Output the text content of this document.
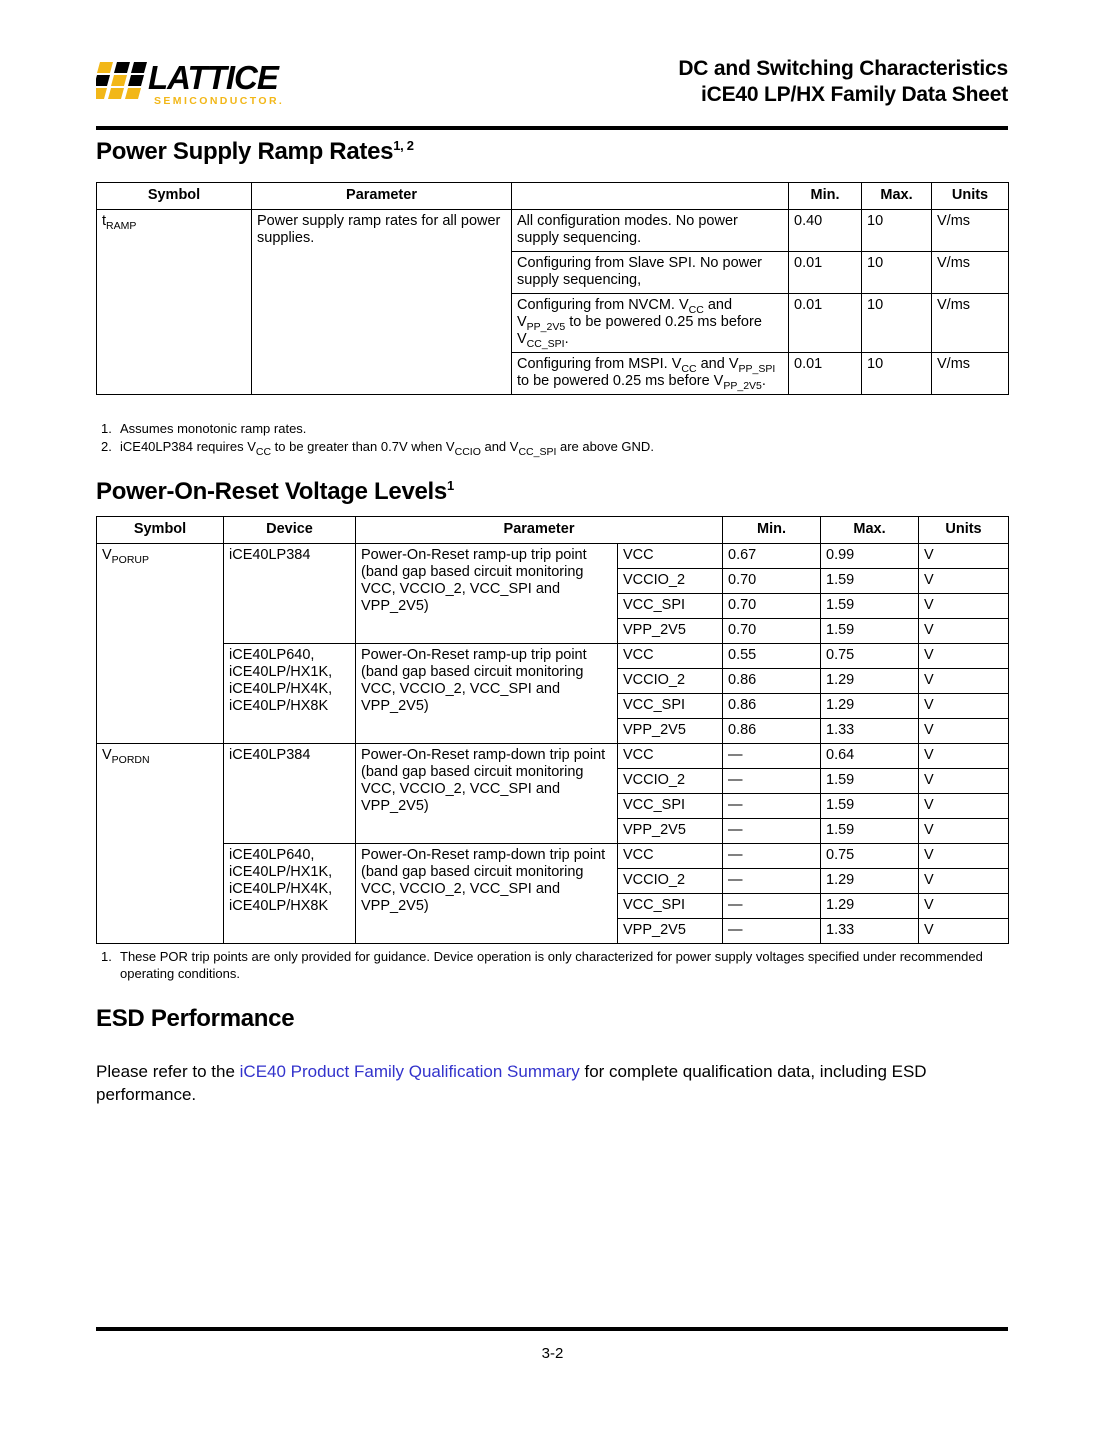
LATTICE
SEMICONDUCTOR.
DC and Switching Characteristics
iCE40 LP/HX Family Data Sheet
Power Supply Ramp Rates$^{1, 2}$
Symbol	Parameter		Min.	Max.	Units
$t_{RAMP}$	Power supply ramp rates for all power supplies.	All configuration modes. No power supply sequencing.	0.40	10	V/ms
		Configuring from Slave SPI. No power supply sequencing,	0.01	10	V/ms
		Configuring from NVCM. $V_{CC}$ and $V_{PP\_2V5}$ to be powered 0.25 ms before $V_{CC\_SPI}$.	0.01	10	V/ms
		Configuring from MSPI. $V_{CC}$ and $V_{PP\_SPI}$ to be powered 0.25 ms before $V_{PP\_2V5}$.	0.01	10	V/ms
1. Assumes monotonic ramp rates.
2. iCE40LP384 requires $V_{CC}$ to be greater than 0.7V when $V_{CCIO}$ and $V_{CC\_SPI}$ are above GND.
Power-On-Reset Voltage Levels$^1$
Symbol	Device	Parameter		Min.	Max.	Units
$V_{PORUP}$	iCE40LP384	Power-On-Reset ramp-up trip point (band gap based circuit monitoring VCC, VCCIO_2, VCC_SPI and VPP_2V5)	VCC	0.67	0.99	V
			VCCIO_2	0.70	1.59	V
			VCC_SPI	0.70	1.59	V
			VPP_2V5	0.70	1.59	V
	iCE40LP640, iCE40LP/HX1K, iCE40LP/HX4K, iCE40LP/HX8K	Power-On-Reset ramp-up trip point (band gap based circuit monitoring VCC, VCCIO_2, VCC_SPI and VPP_2V5)	VCC	0.55	0.75	V
			VCCIO_2	0.86	1.29	V
			VCC_SPI	0.86	1.29	V
			VPP_2V5	0.86	1.33	V
$V_{PORDN}$	iCE40LP384	Power-On-Reset ramp-down trip point (band gap based circuit monitoring VCC, VCCIO_2, VCC_SPI and VPP_2V5)	VCC	—	0.64	V
			VCCIO_2	—	1.59	V
			VCC_SPI	—	1.59	V
			VPP_2V5	—	1.59	V
	iCE40LP640, iCE40LP/HX1K, iCE40LP/HX4K, iCE40LP/HX8K	Power-On-Reset ramp-down trip point (band gap based circuit monitoring VCC, VCCIO_2, VCC_SPI and VPP_2V5)	VCC	—	0.75	V
			VCCIO_2	—	1.29	V
			VCC_SPI	—	1.29	V
			VPP_2V5	—	1.33	V
1. These POR trip points are only provided for guidance. Device operation is only characterized for power supply voltages specified under recommended operating conditions.
ESD Performance

Please refer to the iCE40 Product Family Qualification Summary for complete qualification data, including ESD performance.

3-2
